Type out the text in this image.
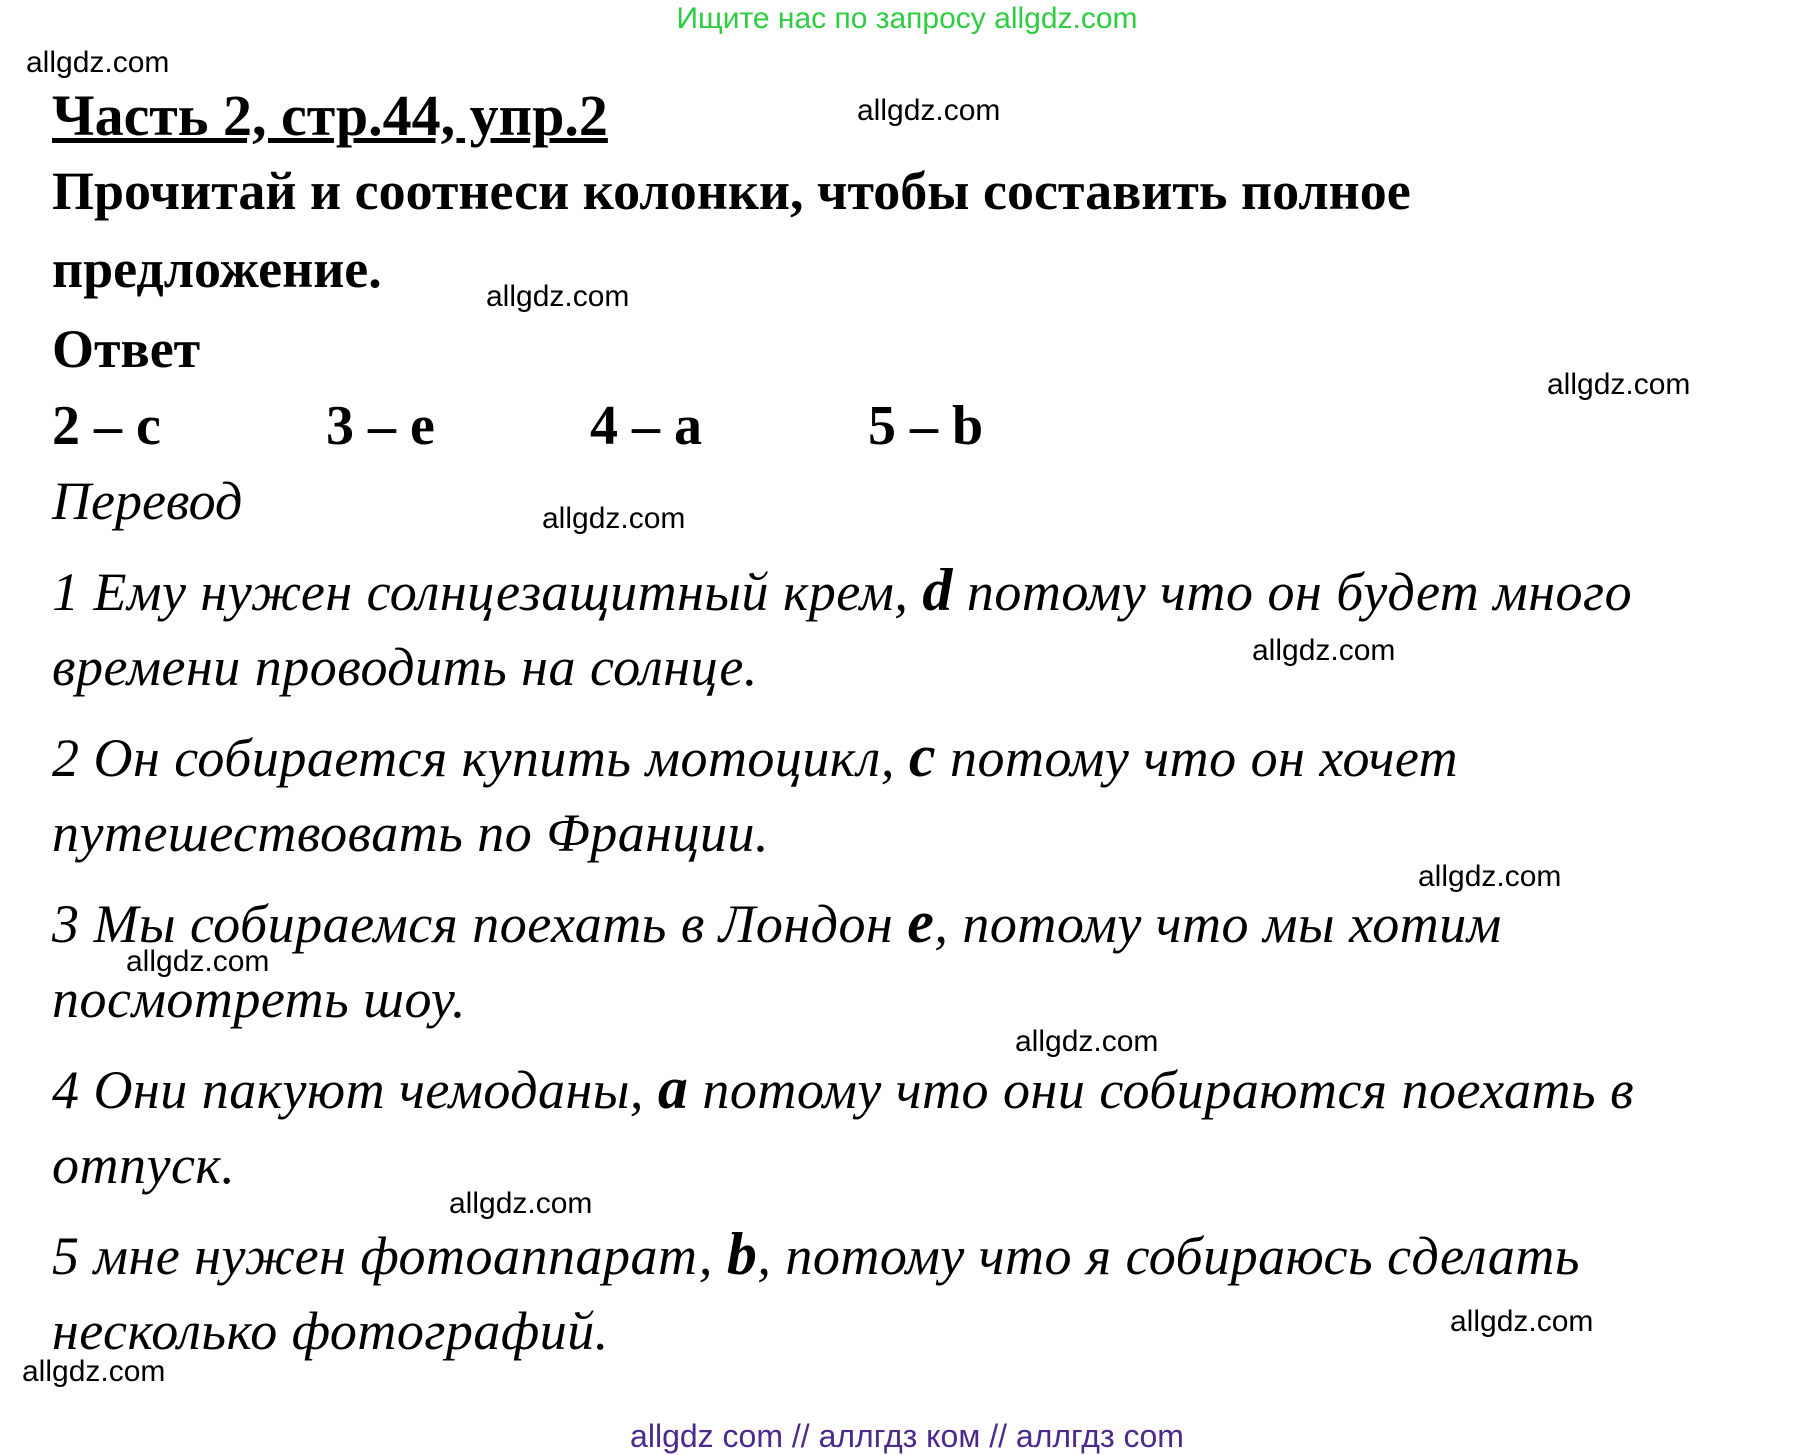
Ищите нас по запросу allgdz.com
allgdz.com
allgdz.com
allgdz.com
allgdz.com
allgdz.com
allgdz.com
allgdz.com
allgdz.com
allgdz.com
allgdz.com
allgdz.com
allgdz.com
Часть 2, стр.44, упр.2
Прочитай и соотнеси колонки, чтобы составить полное
предложение.
Ответ
2 – c	3 – e	4 – a	5 – b
Перевод
1 Ему нужен солнцезащитный крем, d потому что он будет много
времени проводить на солнце.
2 Он собирается купить мотоцикл, c потому что он хочет
путешествовать по Франции.
3 Мы собираемся поехать в Лондон e, потому что мы хотим
посмотреть шоу.
4 Они пакуют чемоданы, a потому что они собираются поехать в
отпуск.
5 мне нужен фотоаппарат, b, потому что я собираюсь сделать
несколько фотографий.
allgdz com // аллгдз ком // аллгдз com
